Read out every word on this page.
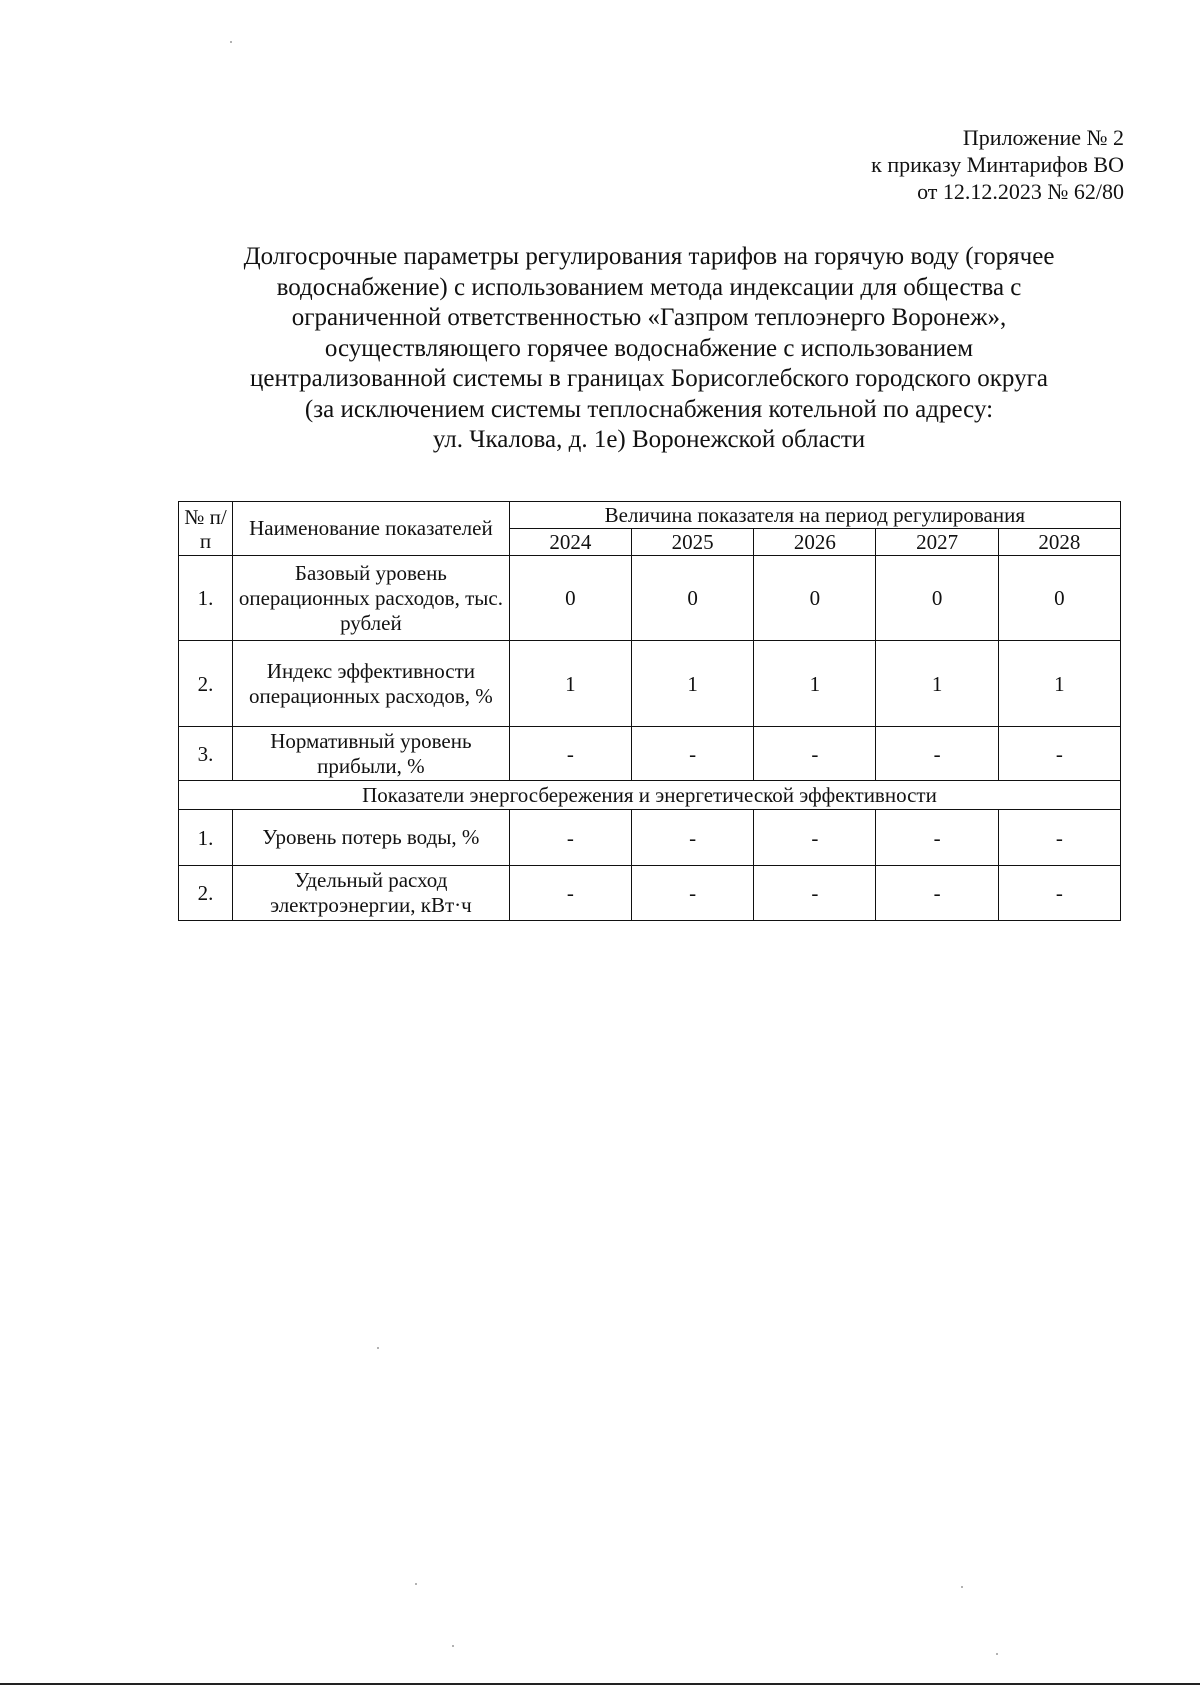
Приложение № 2
к приказу Минтарифов ВО
от 12.12.2023 № 62/80
Долгосрочные параметры регулирования тарифов на горячую воду (горячее
водоснабжение) с использованием метода индексации для общества с
ограниченной ответственностью «Газпром теплоэнерго Воронеж»,
осуществляющего горячее водоснабжение с использованием
централизованной системы в границах Борисоглебского городского округа
(за исключением системы теплоснабжения котельной по адресу:
ул. Чкалова, д. 1е) Воронежской области
№ п/п	Наименование показателей	Величина показателя на период регулирования				
		2024	2025	2026	2027	2028
1.	Базовый уровень операционных расходов, тыс. рублей	0	0	0	0	0
2.	Индекс эффективности операционных расходов, %	1	1	1	1	1
3.	Нормативный уровень прибыли, %	-	-	-	-	-
Показатели энергосбережения и энергетической эффективности						
1.	Уровень потерь воды, %	-	-	-	-	-
2.	Удельный расход электроэнергии, кВт·ч	-	-	-	-	-
